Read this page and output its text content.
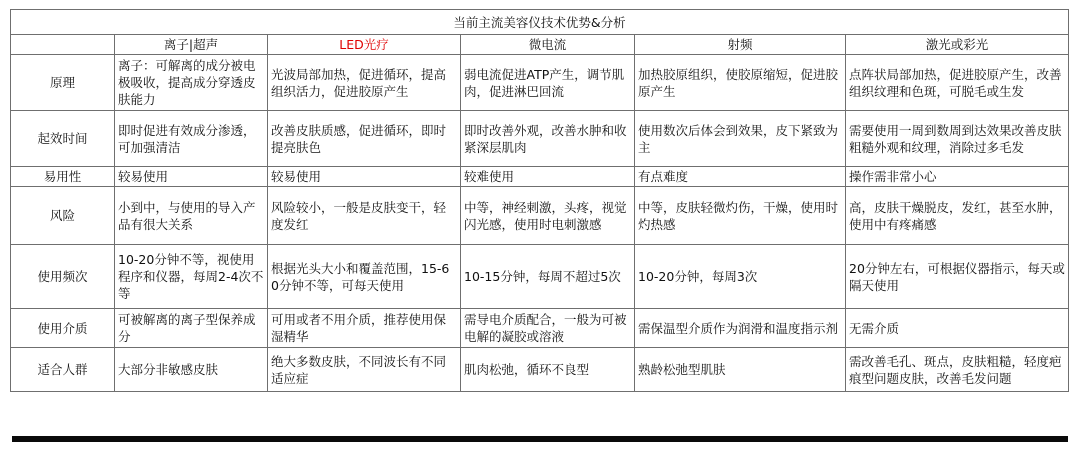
当前主流美容仪技术优势&分析					
	离子|超声	LED光疗	微电流	射频	激光或彩光
原理	离子：可解离的成分被电极吸收，提高成分穿透皮肤能力	光波局部加热，促进循环，提高组织活力，促进胶原产生	弱电流促进ATP产生，调节肌肉，促进淋巴回流	加热胶原组织，使胶原缩短，促进胶原产生	点阵状局部加热，促进胶原产生，改善组织纹理和色斑，可脱毛或生发
起效时间	即时促进有效成分渗透，可加强清洁	改善皮肤质感，促进循环，即时提亮肤色	即时改善外观，改善水肿和收紧深层肌肉	使用数次后体会到效果，皮下紧致为主	需要使用一周到数周到达效果改善皮肤粗糙外观和纹理，消除过多毛发
易用性	较易使用	较易使用	较难使用	有点难度	操作需非常小心
风险	小到中，与使用的导入产品有很大关系	风险较小，一般是皮肤变干，轻度发红	中等，神经刺激，头疼，视觉闪光感，使用时电刺激感	中等，皮肤轻微灼伤，干燥，使用时灼热感	高，皮肤干燥脱皮，发红，甚至水肿，使用中有疼痛感
使用频次	10-20分钟不等，视使用程序和仪器，每周2-4次不等	根据光头大小和覆盖范围，15-60分钟不等，可每天使用	10-15分钟，每周不超过5次	10-20分钟，每周3次	20分钟左右，可根据仪器指示，每天或隔天使用
使用介质	可被解离的离子型保养成分	可用或者不用介质，推荐使用保湿精华	需导电介质配合，一般为可被电解的凝胶或溶液	需保温型介质作为润滑和温度指示剂	无需介质
适合人群	大部分非敏感皮肤	绝大多数皮肤，不同波长有不同适应症	肌肉松弛，循环不良型	熟龄松弛型肌肤	需改善毛孔、斑点，皮肤粗糙，轻度疤痕型问题皮肤，改善毛发问题
